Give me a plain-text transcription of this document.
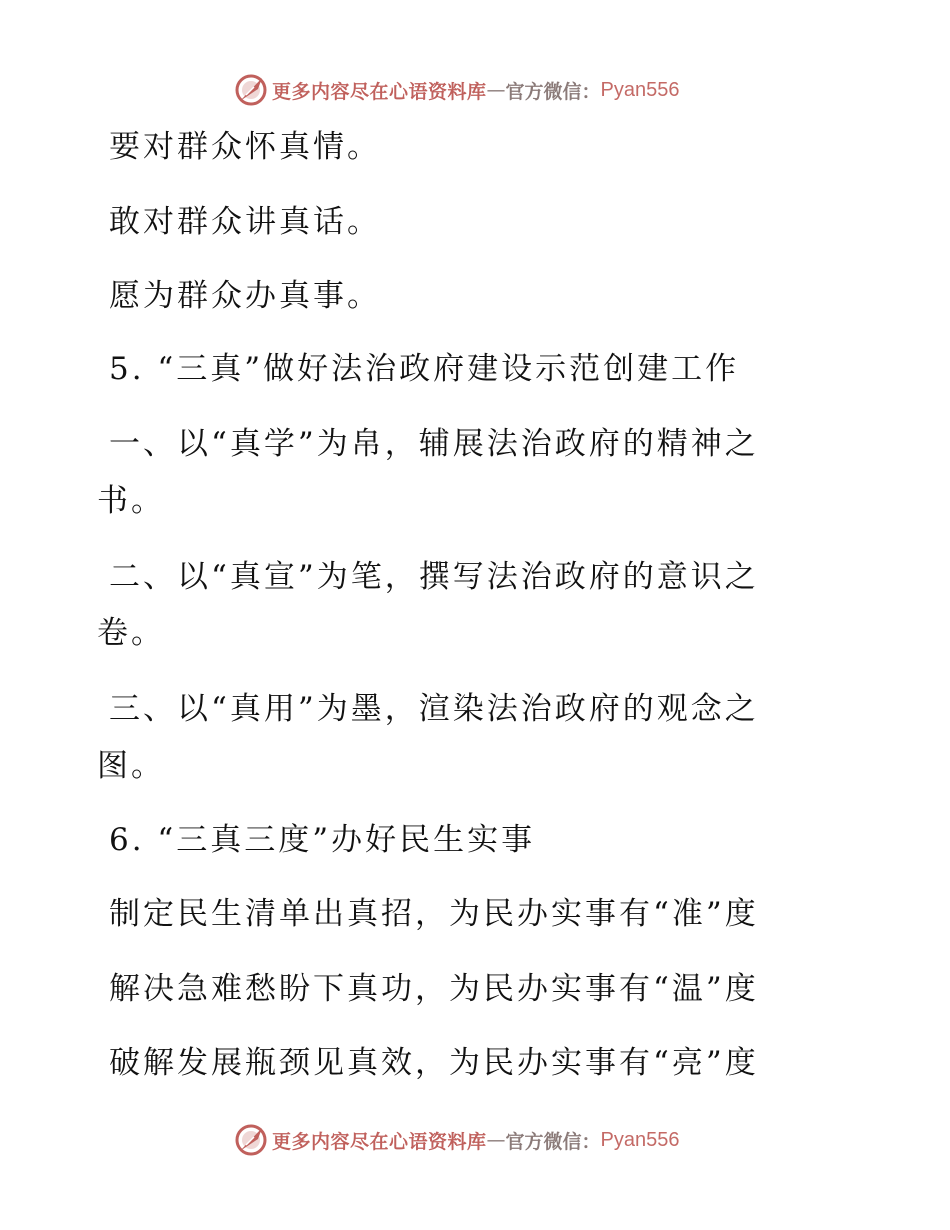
更多内容尽在心语资料库 — 官方微信： Pyan556
要对群众怀真情。
敢对群众讲真话。
愿为群众办真事。
5. “三真”做好法治政府建设示范创建工作
一、以“真学”为帛，辅展法治政府的精神之
书。
二、以“真宣”为笔，撰写法治政府的意识之
卷。
三、以“真用”为墨，渲染法治政府的观念之
图。
6. “三真三度”办好民生实事
制定民生清单出真招，为民办实事有“准”度
解决急难愁盼下真功，为民办实事有“温”度
破解发展瓶颈见真效，为民办实事有“亮”度
更多内容尽在心语资料库 — 官方微信： Pyan556
